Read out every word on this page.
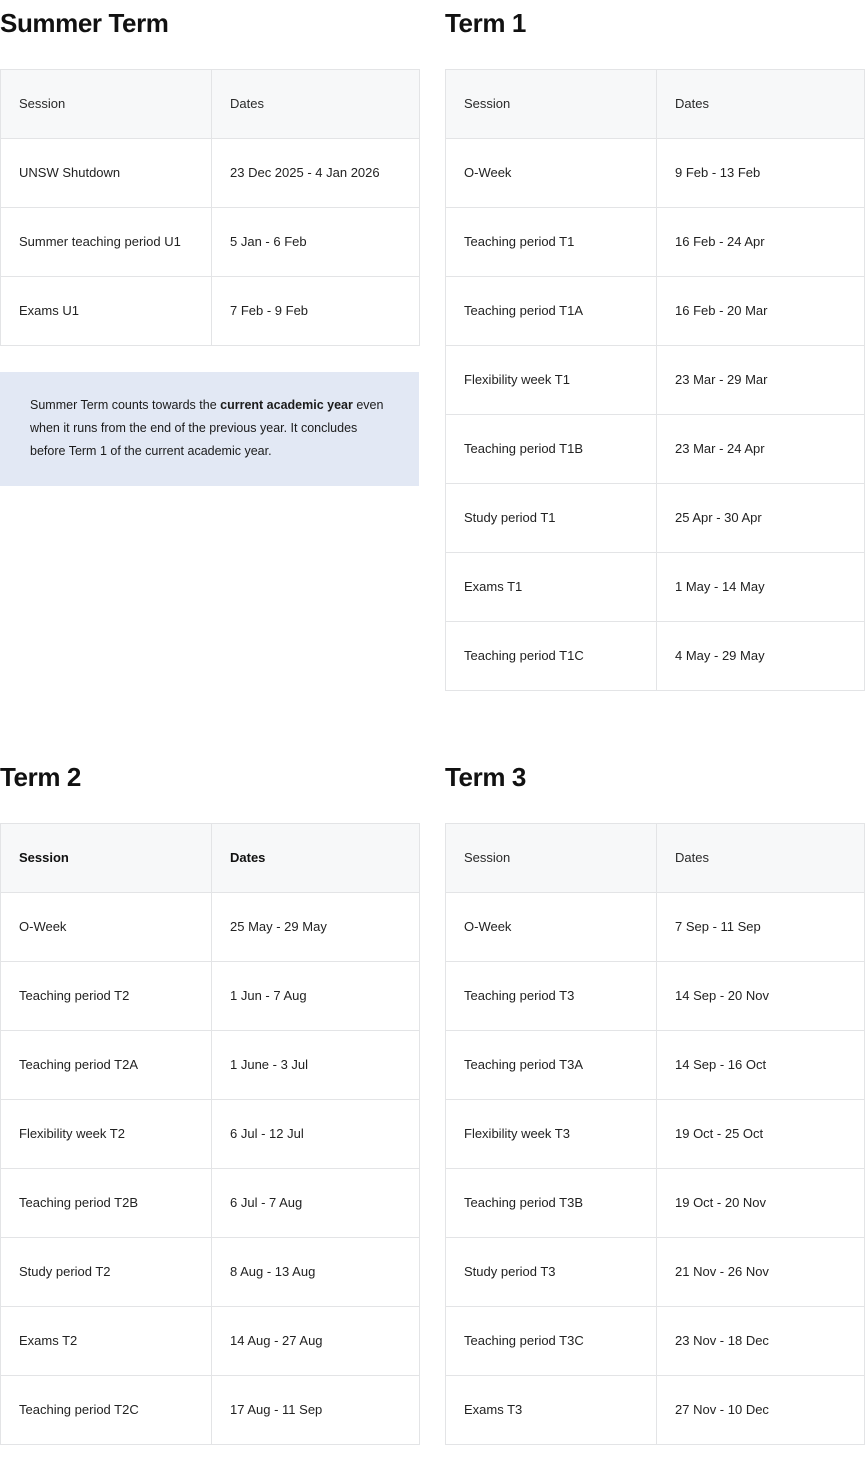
Summer Term
Session	Dates
UNSW Shutdown	23 Dec 2025 - 4 Jan 2026
Summer teaching period U1	5 Jan - 6 Feb
Exams U1	7 Feb - 9 Feb
Summer Term counts towards the current academic year even when it runs from the end of the previous year. It concludes before Term 1 of the current academic year.
Term 1
Session	Dates
O-Week	9 Feb - 13 Feb
Teaching period T1	16 Feb - 24 Apr
Teaching period T1A	16 Feb - 20 Mar
Flexibility week T1	23 Mar - 29 Mar
Teaching period T1B	23 Mar - 24 Apr
Study period T1	25 Apr - 30 Apr
Exams T1	1 May - 14 May
Teaching period T1C	4 May - 29 May
Term 2
Session	Dates
O-Week	25 May - 29 May
Teaching period T2	1 Jun - 7 Aug
Teaching period T2A	1 June - 3 Jul
Flexibility week T2	6 Jul - 12 Jul
Teaching period T2B	6 Jul - 7 Aug
Study period T2	8 Aug - 13 Aug
Exams T2	14 Aug - 27 Aug
Teaching period T2C	17 Aug - 11 Sep
Term 3
Session	Dates
O-Week	7 Sep - 11 Sep
Teaching period T3	14 Sep - 20 Nov
Teaching period T3A	14 Sep - 16 Oct
Flexibility week T3	19 Oct - 25 Oct
Teaching period T3B	19 Oct - 20 Nov
Study period T3	21 Nov - 26 Nov
Teaching period T3C	23 Nov - 18 Dec
Exams T3	27 Nov - 10 Dec
